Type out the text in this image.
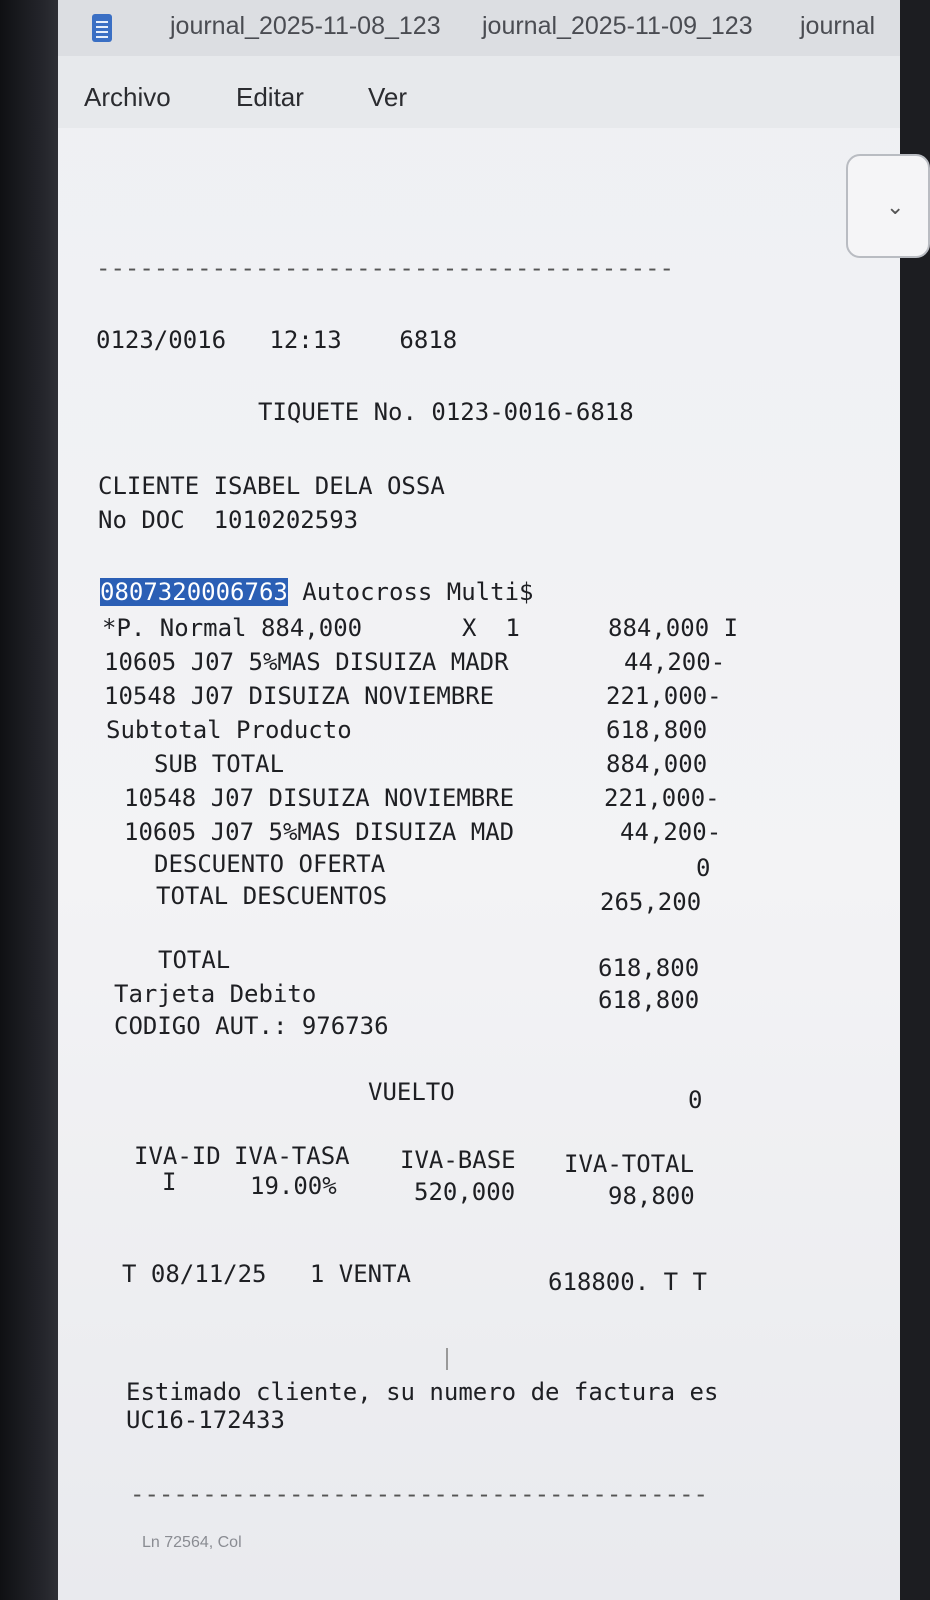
journal_2025-11-08_123 journal_2025-11-09_123 journal
Archivo	Editar Ver
⌄
----------------------------------------
0123/0016   12:13    6818
TIQUETE No. 0123-0016-6818
CLIENTE ISABEL DELA OSSA
No DOC  1010202593
0807320006763 Autocross Multi$
*P. Normal 884,000	X  1	884,000 I
10605 J07 5%MAS DISUIZA MADR	44,200-
10548 J07 DISUIZA NOVIEMBRE	221,000-
Subtotal Producto	618,800
SUB TOTAL	884,000
10548 J07 DISUIZA NOVIEMBRE	221,000-
10605 J07 5%MAS DISUIZA MAD	44,200-
DESCUENTO OFERTA	0
TOTAL DESCUENTOS	265,200
TOTAL	618,800
Tarjeta Debito	618,800
CODIGO AUT.: 976736
VUELTO	0
IVA-ID IVA-TASA IVA-BASE IVA-TOTAL
I	19.00%	520,000	98,800
T 08/11/25   1 VENTA	618800. T T
Estimado cliente, su numero de factura es
UC16-172433
----------------------------------------
Ln 72564, Col
